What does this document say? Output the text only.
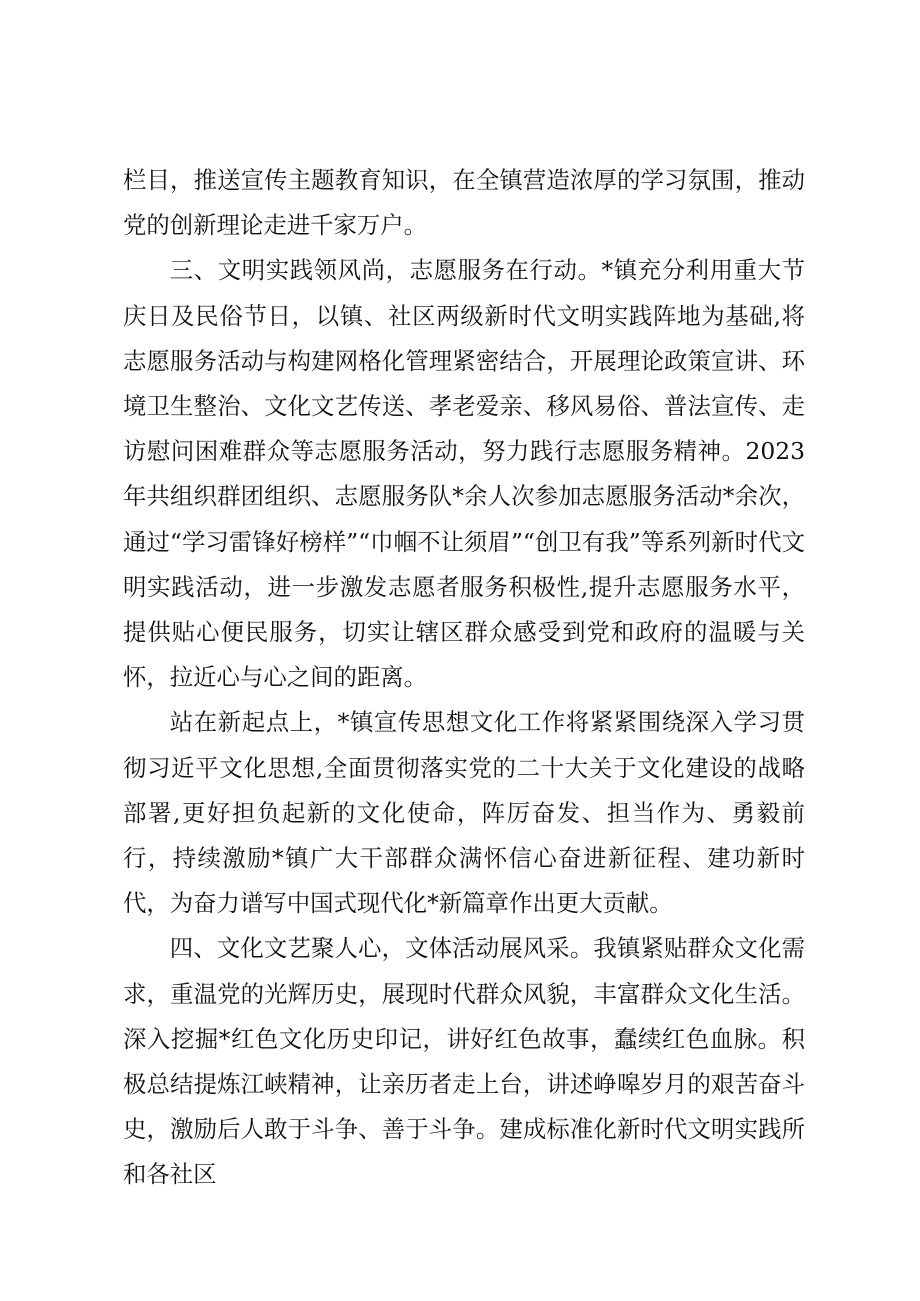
栏目，推送宣传主题教育知识，在全镇营造浓厚的学习氛围，推动党的创新理论走进千家万户。

三、文明实践领风尚，志愿服务在行动。*镇充分利用重大节庆日及民俗节日，以镇、社区两级新时代文明实践阵地为基础,将志愿服务活动与构建网格化管理紧密结合，开展理论政策宣讲、环境卫生整治、文化文艺传送、孝老爱亲、移风易俗、普法宣传、走访慰问困难群众等志愿服务活动，努力践行志愿服务精神。2023年共组织群团组织、志愿服务队*余人次参加志愿服务活动*余次，通过“学习雷锋好榜样”“巾帼不让须眉”“创卫有我”等系列新时代文明实践活动，进一步激发志愿者服务积极性,提升志愿服务水平，提供贴心便民服务，切实让辖区群众感受到党和政府的温暖与关怀，拉近心与心之间的距离。

站在新起点上，*镇宣传思想文化工作将紧紧围绕深入学习贯彻习近平文化思想,全面贯彻落实党的二十大关于文化建设的战略部署,更好担负起新的文化使命，阵厉奋发、担当作为、勇毅前行，持续激励*镇广大干部群众满怀信心奋进新征程、建功新时代，为奋力谱写中国式现代化*新篇章作出更大贡献。

四、文化文艺聚人心，文体活动展风采。我镇紧贴群众文化需求，重温党的光辉历史，展现时代群众风貌，丰富群众文化生活。深入挖掘*红色文化历史印记，讲好红色故事，蠢续红色血脉。积极总结提炼江峡精神，让亲历者走上台，讲述峥嗥岁月的艰苦奋斗史，激励后人敢于斗争、善于斗争。建成标准化新时代文明实践所和各社区
